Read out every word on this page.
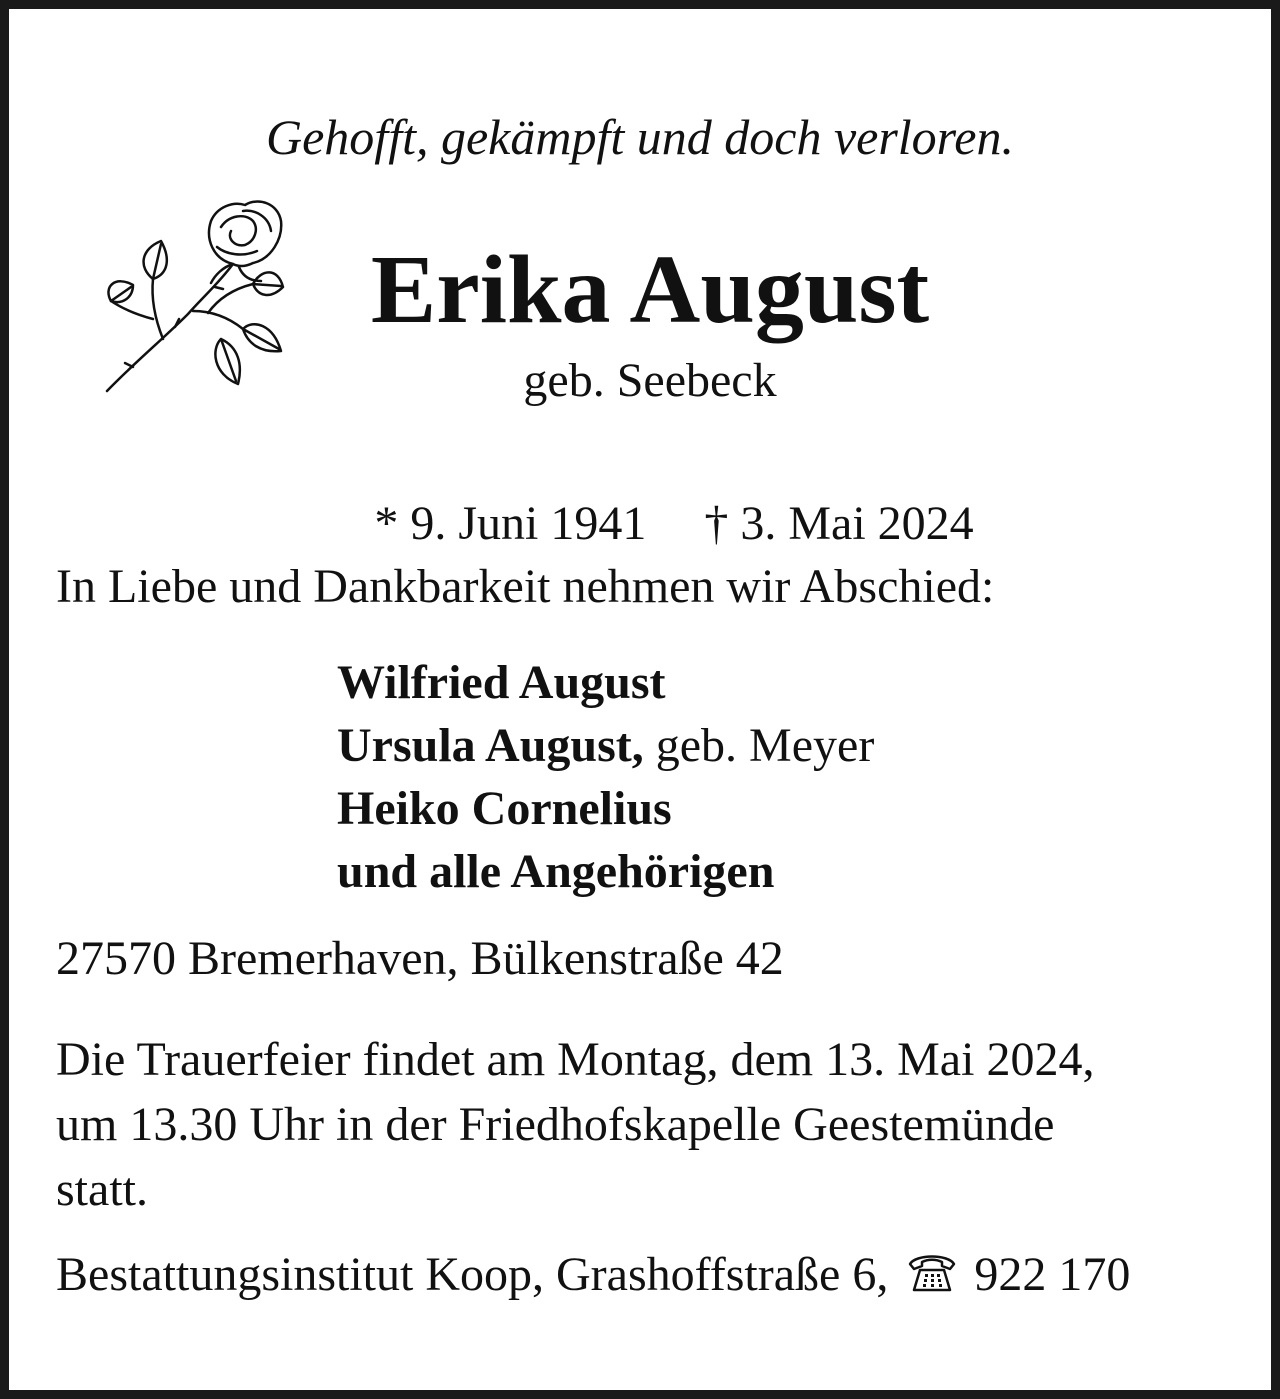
Gehofft, gekämpft und doch verloren.
Erika August
geb. Seebeck

* 9. Juni 1941 † 3. Mai 2024

In Liebe und Dankbarkeit nehmen wir Abschied:
Wilfried August
Ursula August, geb. Meyer
Heiko Cornelius
und alle Angehörigen
27570 Bremerhaven, Bülkenstraße 42
Die Trauerfeier findet am Montag, dem 13. Mai 2024,
um 13.30 Uhr in der Friedhofskapelle Geestemünde
statt.
Bestattungsinstitut Koop, Grashoffstraße 6, 922 170
